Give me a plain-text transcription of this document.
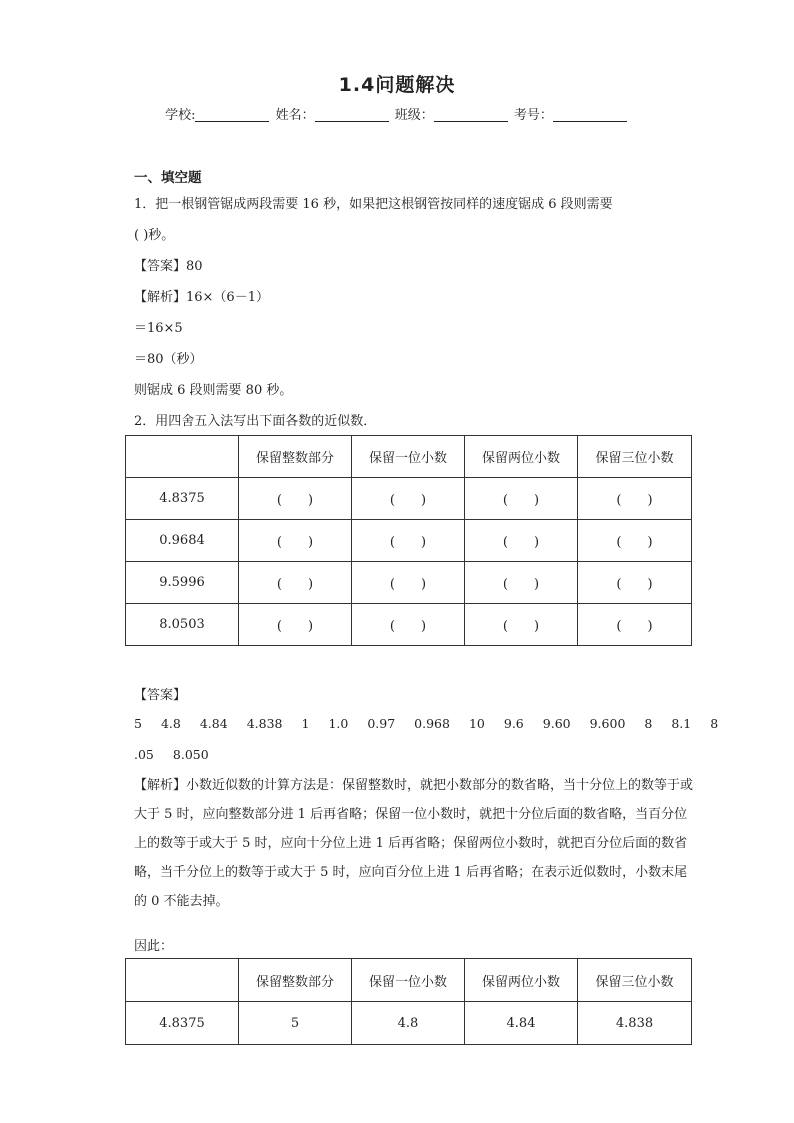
1.4问题解决
学校:	姓名：	班级：	考号：
一、填空题
1．把一根钢管锯成两段需要 16 秒，如果把这根钢管按同样的速度锯成 6 段则需要
( )秒。
【答案】80
【解析】16×（6－1）
＝16×5
＝80（秒）
则锯成 6 段则需要 80 秒。
2．用四舍五入法写出下面各数的近似数．
	保留整数部分	保留一位小数	保留两位小数	保留三位小数
4.8375	(　　)	(　　)	(　　)	(　　)
0.9684	(　　)	(　　)	(　　)	(　　)
9.5996	(　　)	(　　)	(　　)	(　　)
8.0503	(　　)	(　　)	(　　)	(　　)
【答案】
5 4.8 4.84 4.838 1 1.0 0.97 0.968 10 9.6 9.60 9.600 8 8.1 8
.05 8.050
【解析】小数近似数的计算方法是：保留整数时，就把小数部分的数省略，当十分位上的数等于或大于 5 时，应向整数部分进 1 后再省略；保留一位小数时，就把十分位后面的数省略，当百分位上的数等于或大于 5 时，应向十分位上进 1 后再省略；保留两位小数时，就把百分位后面的数省略，当千分位上的数等于或大于 5 时，应向百分位上进 1 后再省略；在表示近似数时，小数末尾的 0 不能去掉。
因此：
	保留整数部分	保留一位小数	保留两位小数	保留三位小数
4.8375	5	4.8	4.84	4.838
